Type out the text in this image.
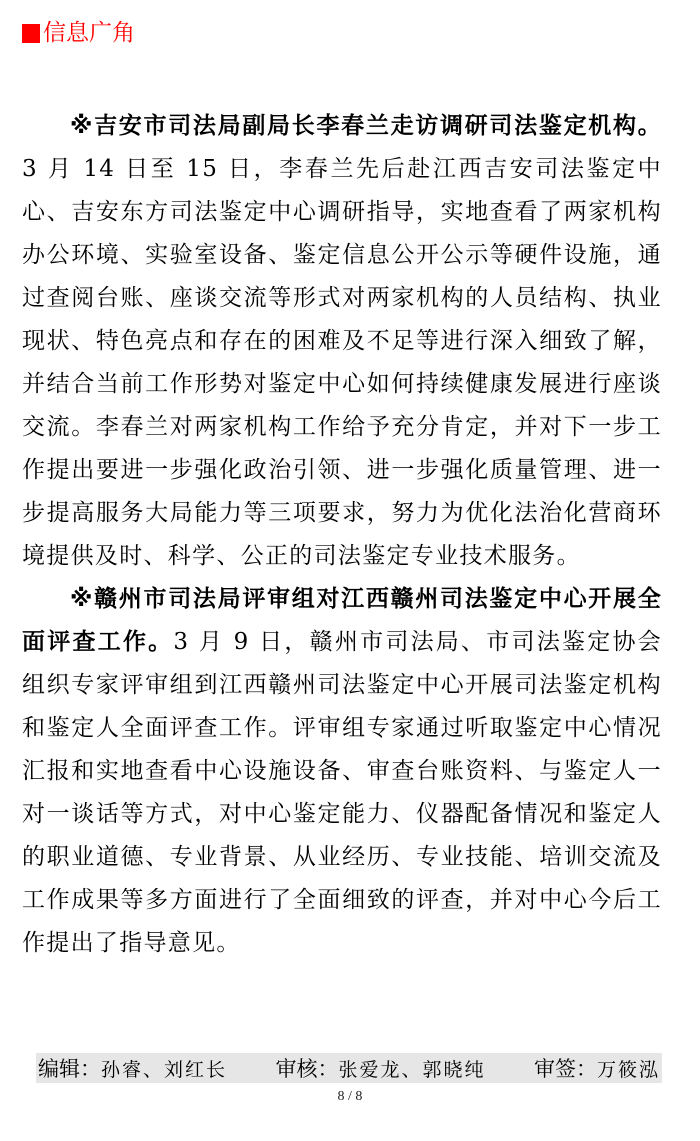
信息广角

※吉安市司法局副局长李春兰走访调研司法鉴定机构。3 月 14 日至 15 日，李春兰先后赴江西吉安司法鉴定中心、吉安东方司法鉴定中心调研指导，实地查看了两家机构办公环境、实验室设备、鉴定信息公开公示等硬件设施，通过查阅台账、座谈交流等形式对两家机构的人员结构、执业现状、特色亮点和存在的困难及不足等进行深入细致了解，并结合当前工作形势对鉴定中心如何持续健康发展进行座谈交流。李春兰对两家机构工作给予充分肯定，并对下一步工作提出要进一步强化政治引领、进一步强化质量管理、进一步提高服务大局能力等三项要求，努力为优化法治化营商环境提供及时、科学、公正的司法鉴定专业技术服务。

※赣州市司法局评审组对江西赣州司法鉴定中心开展全面评查工作。3 月 9 日，赣州市司法局、市司法鉴定协会组织专家评审组到江西赣州司法鉴定中心开展司法鉴定机构和鉴定人全面评查工作。评审组专家通过听取鉴定中心情况汇报和实地查看中心设施设备、审查台账资料、与鉴定人一对一谈话等方式，对中心鉴定能力、仪器配备情况和鉴定人的职业道德、专业背景、从业经历、专业技能、培训交流及工作成果等多方面进行了全面细致的评查，并对中心今后工作提出了指导意见。

编辑： 孙睿、刘红长 审核： 张爱龙、郭晓纯 审签： 万筱泓
8 / 8
